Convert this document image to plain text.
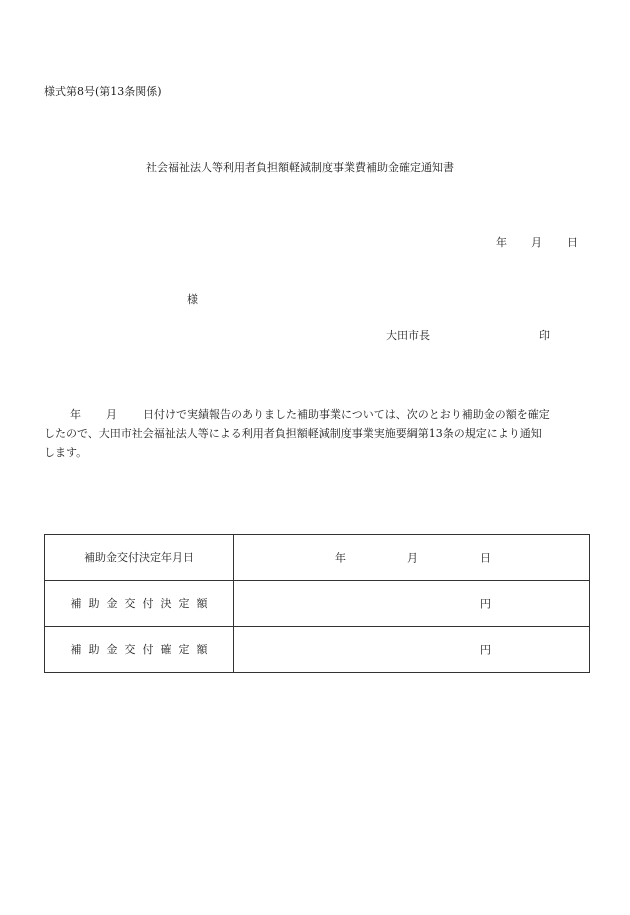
様式第8号(第13条関係)
社会福祉法人等利用者負担額軽減制度事業費補助金確定通知書
年 月 日
様
大田市長	印
年 月 日付けで実績報告のありました補助事業については、次のとおり補助金の額を確定
したので、大田市社会福祉法人等による利用者負担額軽減制度事業実施要綱第13条の規定により通知
します。
補助金交付決定年月日	年 月 日

補助金交付決定額	円

補助金交付確定額	円
